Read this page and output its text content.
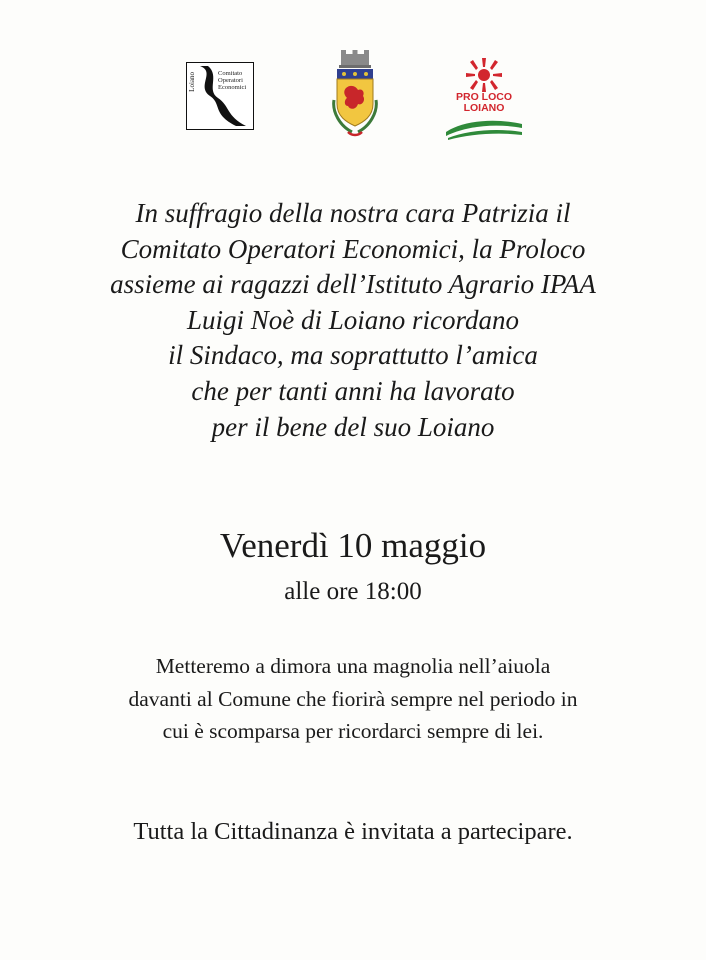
Loiano	Comitato
Operatori
Economici
PRO LOCO
LOIANO
In suffragio della nostra cara Patrizia il
Comitato Operatori Economici, la Proloco
assieme ai ragazzi dell’Istituto Agrario IPAA
Luigi Noè di Loiano ricordano
il Sindaco, ma soprattutto l’amica
che per tanti anni ha lavorato
per il bene del suo Loiano
Venerdì 10 maggio
alle ore 18:00
Metteremo a dimora una magnolia nell’aiuola
davanti al Comune che fiorirà sempre nel periodo in
cui è scomparsa per ricordarci sempre di lei.
Tutta la Cittadinanza è invitata a partecipare.
